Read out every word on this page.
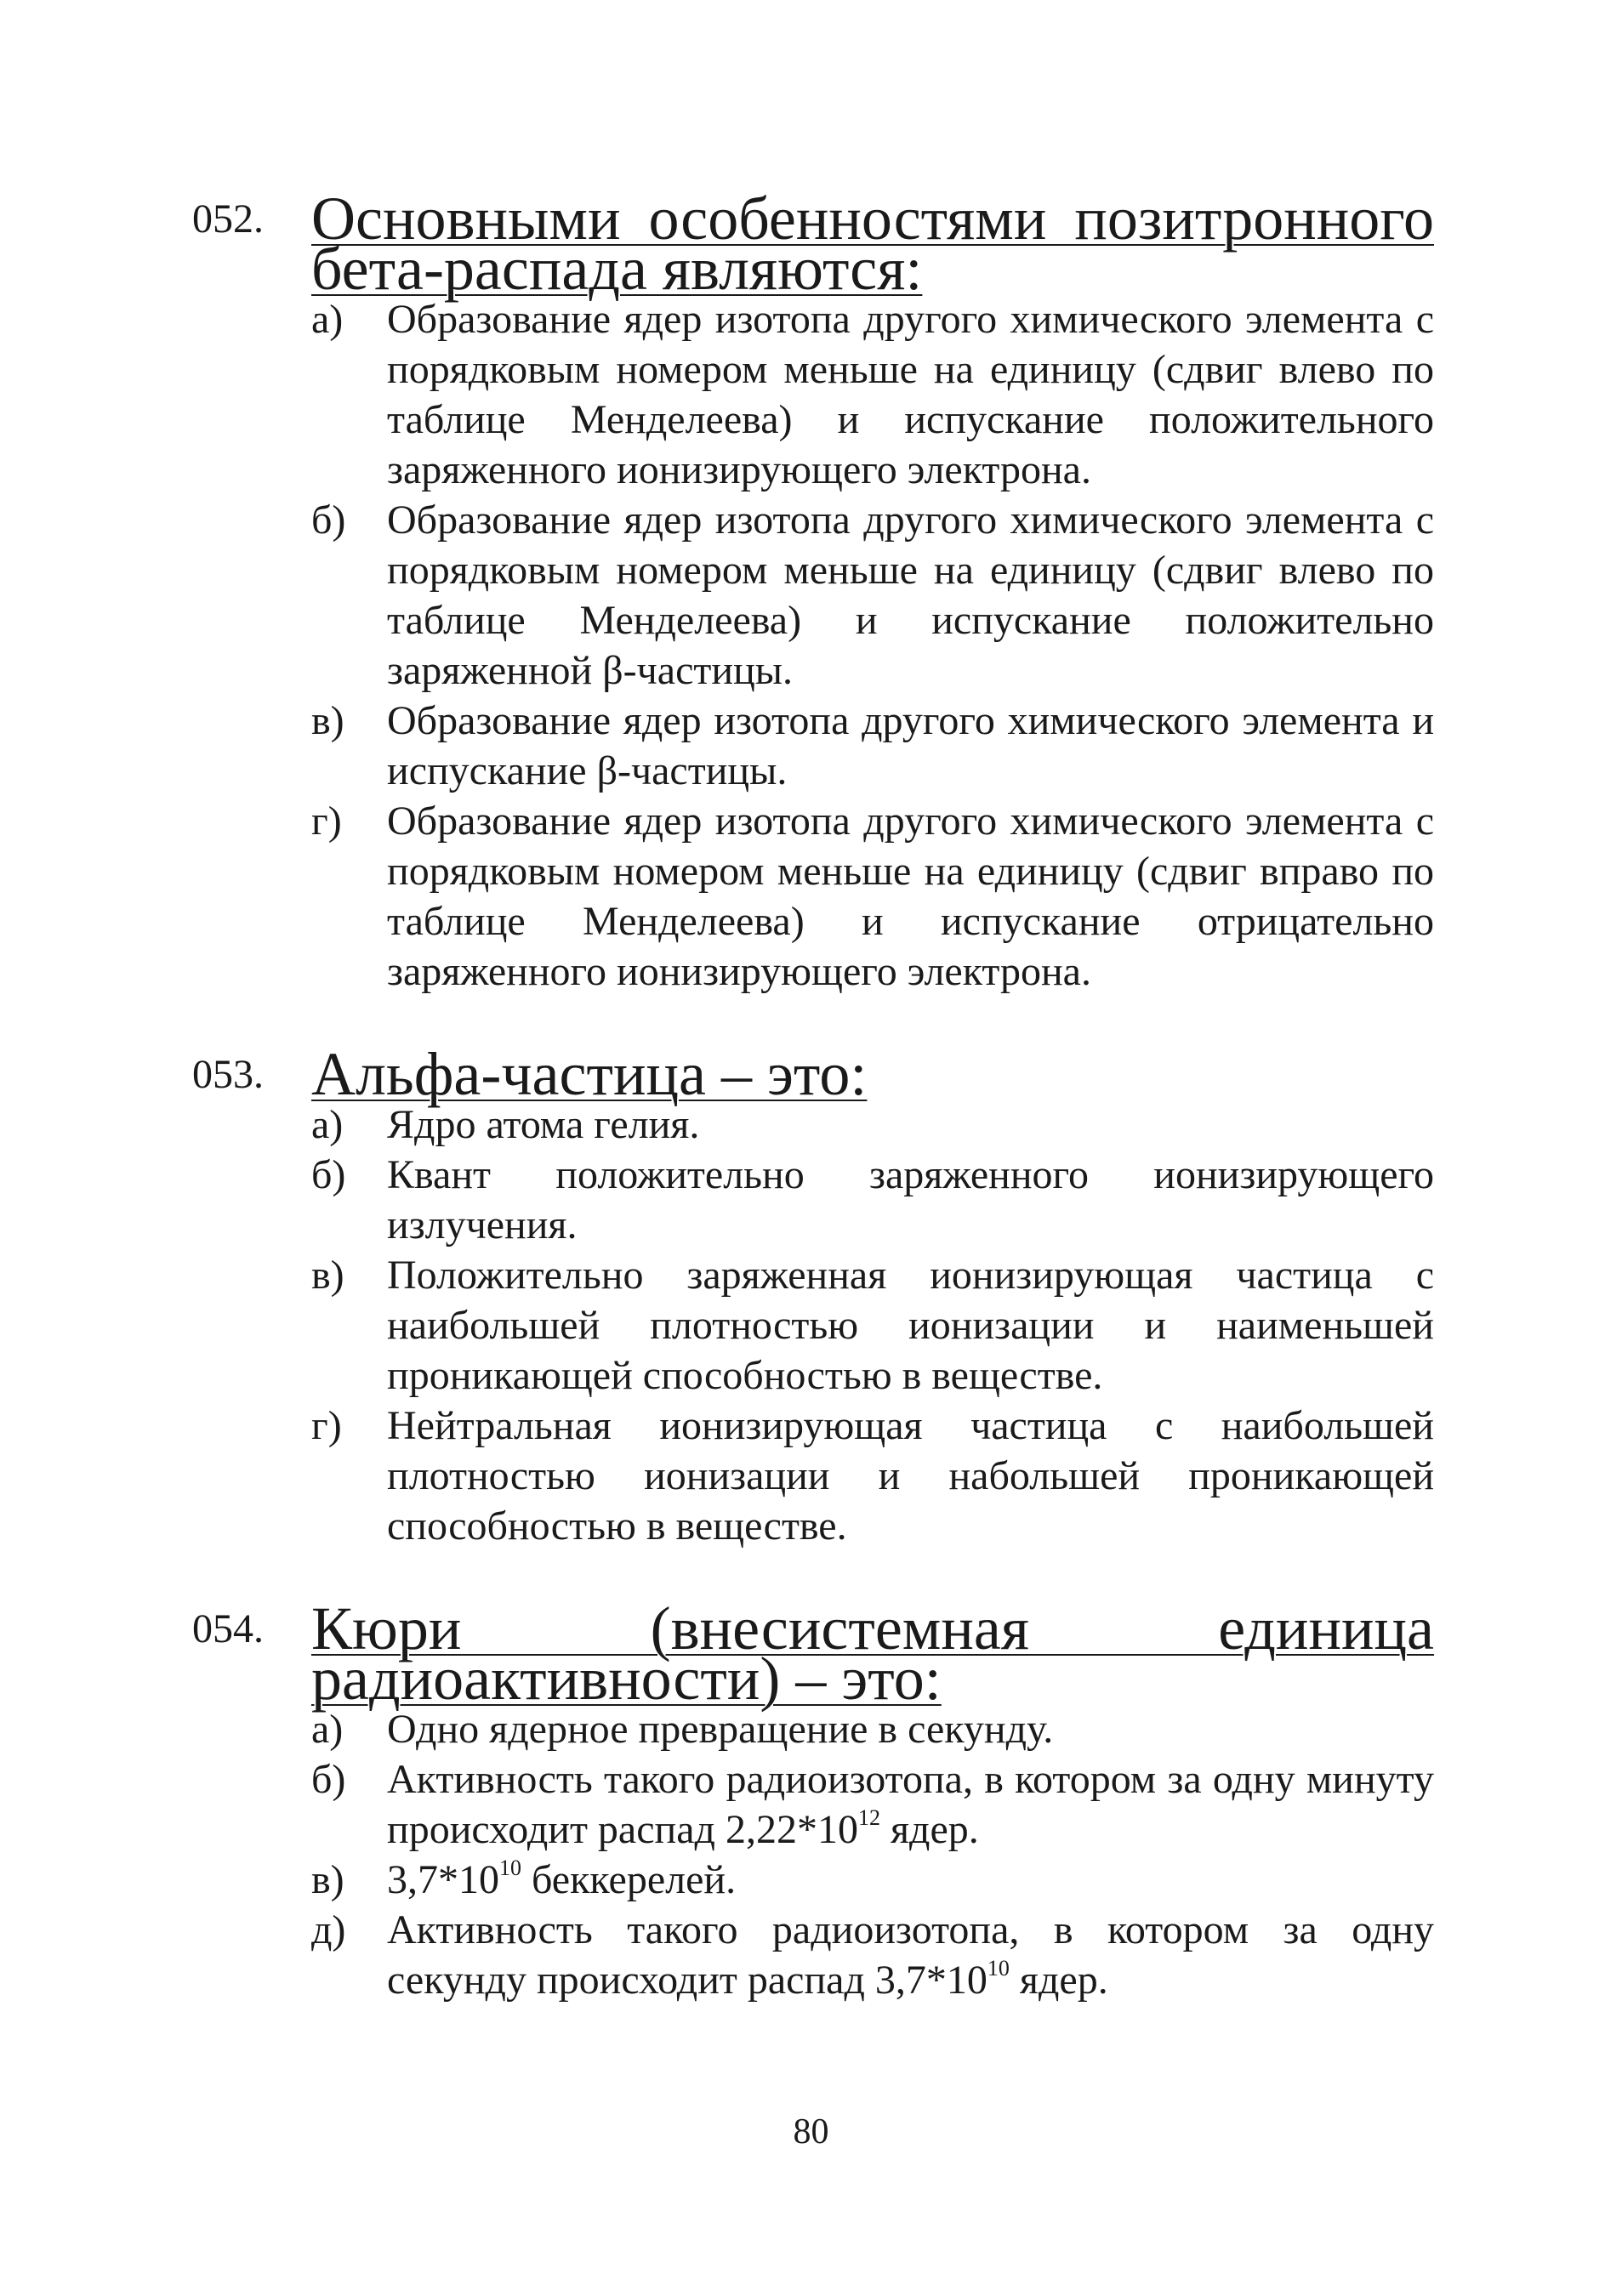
052. Основными особенностями позитронного бета-распада являются:
а)	Образование ядер изотопа другого химического элемента с порядковым номером меньше на единицу (сдвиг влево по таблице Менделеева) и испускание положительного заряженного ионизирующего электрона.
б)	Образование ядер изотопа другого химического элемента с порядковым номером меньше на единицу (сдвиг влево по таблице Менделеева) и испускание положительно заряженной β-частицы.
в)	Образование ядер изотопа другого химического элемента и испускание β-частицы.
г)	Образование ядер изотопа другого химического элемента с порядковым номером меньше на единицу (сдвиг вправо по таблице Менделеева) и испускание отрицательно заряженного ионизирующего электрона.
053. Альфа-частица – это:
а)	Ядро атома гелия.
б)	Квант положительно заряженного ионизирующего излучения.
в)	Положительно заряженная ионизирующая частица с наибольшей плотностью ионизации и наименьшей проникающей способностью в веществе.
г)	Нейтральная ионизирующая частица с наибольшей плотностью ионизации и набольшей проникающей способностью в веществе.
054. Кюри (внесистемная единица радиоактивности) – это:
а)	Одно ядерное превращение в секунду.
б)	Активность такого радиоизотопа, в котором за одну минуту происходит распад $2,22*10^{12}$ ядер.
в)	$3,7*10^{10}$ беккерелей.
д)	Активность такого радиоизотопа, в котором за одну секунду происходит распад $3,7*10^{10}$ ядер.
80
